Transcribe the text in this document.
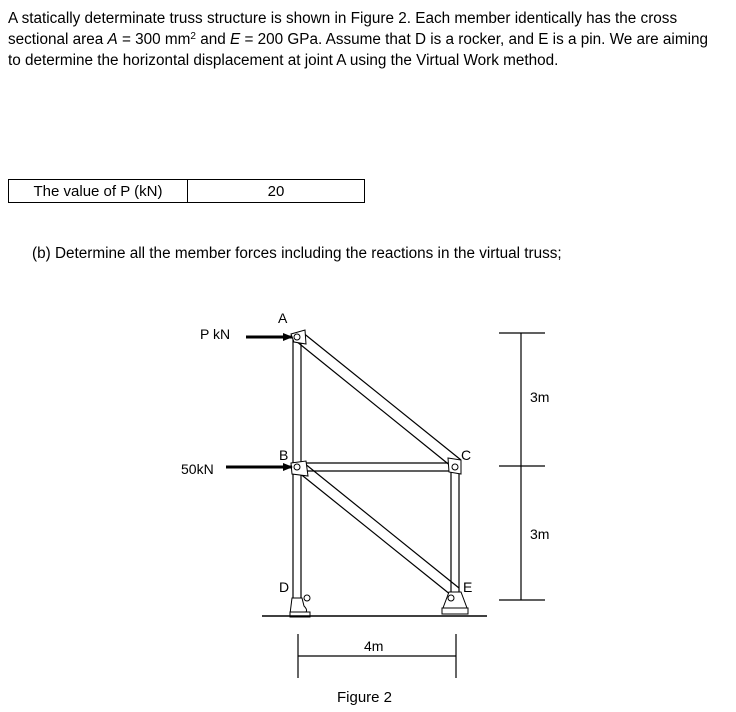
A statically determinate truss structure is shown in Figure 2. Each member identically has the cross
sectional area A = 300 $mm^2$ and E = 200 GPa. Assume that D is a rocker, and E is a pin. We are aiming
to determine the horizontal displacement at joint A using the Virtual Work method.

The value of P (kN)	20

(b) Determine all the member forces including the reactions in the virtual truss;

P kN
50kN
A
B	C
D	E
3m
3m
4m
Figure 2
